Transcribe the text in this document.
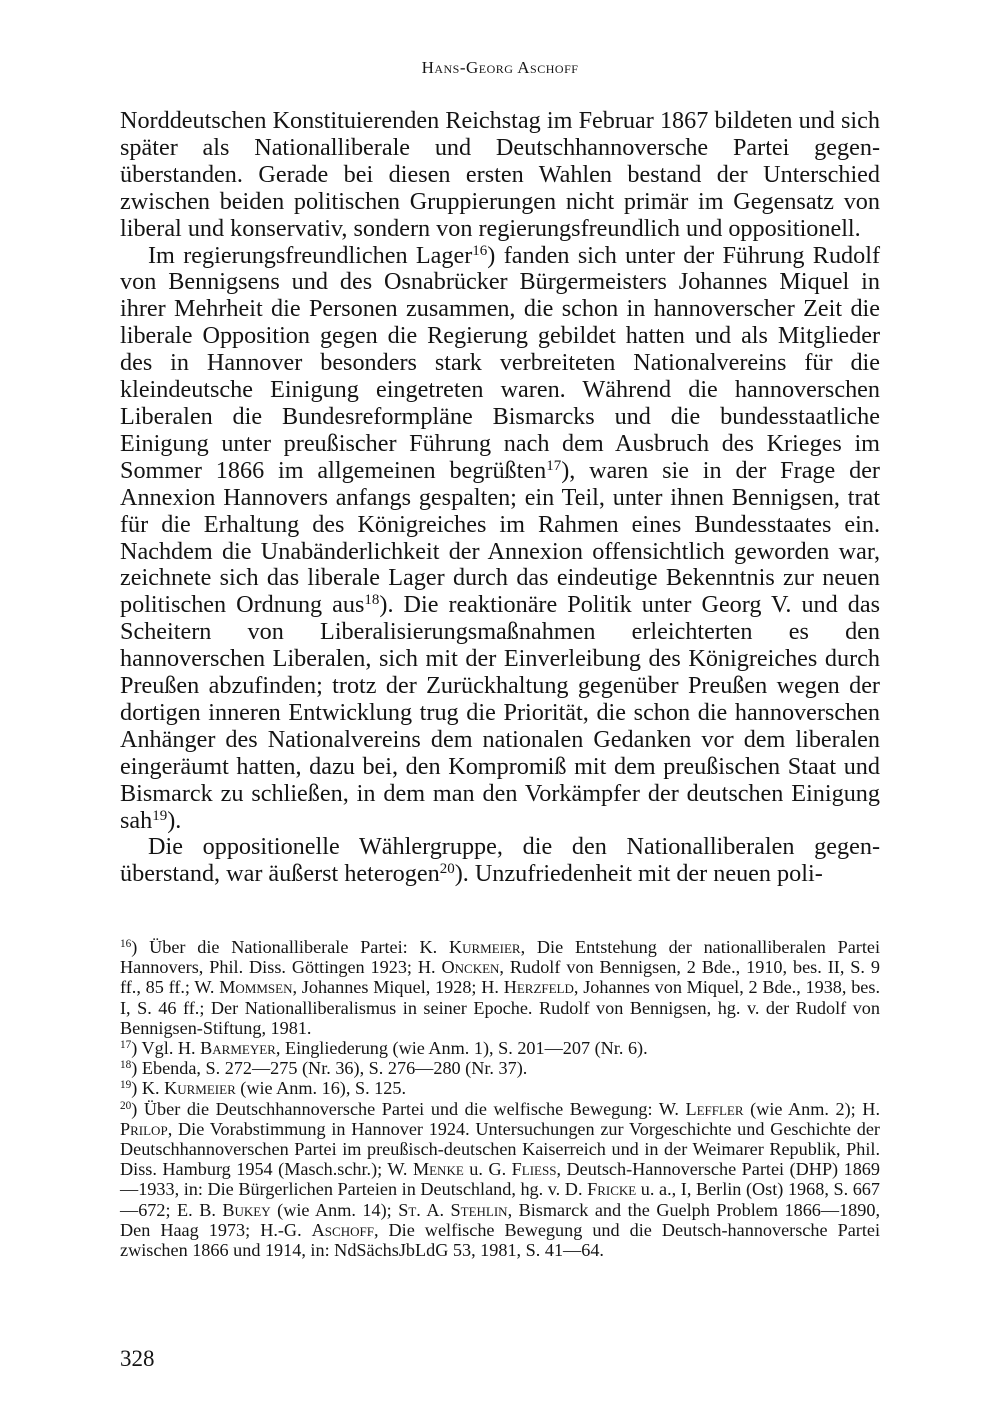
Hans-Georg Aschoff

Norddeutschen Konstituierenden Reichstag im Februar 1867 bildeten und sich später als Nationalliberale und Deutschhannoversche Partei gegenüberstanden. Gerade bei diesen ersten Wahlen bestand der Unterschied zwischen beiden politischen Gruppierungen nicht primär im Gegensatz von liberal und konservativ, sondern von regierungsfreundlich und oppositionell.

Im regierungsfreundlichen Lager$^{16}$) fanden sich unter der Führung Rudolf von Bennigsens und des Osnabrücker Bürgermeisters Johannes Miquel in ihrer Mehrheit die Personen zusammen, die schon in hannoverscher Zeit die liberale Opposition gegen die Regierung gebildet hatten und als Mitglieder des in Hannover besonders stark verbreiteten Nationalvereins für die kleindeutsche Einigung eingetreten waren. Während die hannoverschen Liberalen die Bundesreformpläne Bismarcks und die bundesstaatliche Einigung unter preußischer Führung nach dem Ausbruch des Krieges im Sommer 1866 im allgemeinen begrüßten$^{17}$), waren sie in der Frage der Annexion Hannovers anfangs gespalten; ein Teil, unter ihnen Bennigsen, trat für die Erhaltung des Königreiches im Rahmen eines Bundesstaates ein. Nachdem die Unabänderlichkeit der Annexion offensichtlich geworden war, zeichnete sich das liberale Lager durch das eindeutige Bekenntnis zur neuen politischen Ordnung aus$^{18}$). Die reaktionäre Politik unter Georg V. und das Scheitern von Liberalisierungsmaßnahmen erleichterten es den hannoverschen Liberalen, sich mit der Einverleibung des Königreiches durch Preußen abzufinden; trotz der Zurückhaltung gegenüber Preußen wegen der dortigen inneren Entwicklung trug die Priorität, die schon die hannoverschen Anhänger des Nationalvereins dem nationalen Gedanken vor dem liberalen eingeräumt hatten, dazu bei, den Kompromiß mit dem preußischen Staat und Bismarck zu schließen, in dem man den Vorkämpfer der deutschen Einigung sah$^{19}$).

Die oppositionelle Wählergruppe, die den Nationalliberalen gegenüberstand, war äußerst heterogen$^{20}$). Unzufriedenheit mit der neuen poli-

$^{16}$) Über die Nationalliberale Partei: K. Kurmeier, Die Entstehung der nationalliberalen Partei Hannovers, Phil. Diss. Göttingen 1923; H. Oncken, Rudolf von Bennigsen, 2 Bde., 1910, bes. II, S. 9 ff., 85 ff.; W. Mommsen, Johannes Miquel, 1928; H. Herzfeld, Johannes von Miquel, 2 Bde., 1938, bes. I, S. 46 ff.; Der Nationalliberalismus in seiner Epoche. Rudolf von Bennigsen, hg. v. der Rudolf von Bennigsen-Stiftung, 1981.

$^{17}$) Vgl. H. Barmeyer, Eingliederung (wie Anm. 1), S. 201—207 (Nr. 6).

$^{18}$) Ebenda, S. 272—275 (Nr. 36), S. 276—280 (Nr. 37).

$^{19}$) K. Kurmeier (wie Anm. 16), S. 125.

$^{20}$) Über die Deutschhannoversche Partei und die welfische Bewegung: W. Leffler (wie Anm. 2); H. Prilop, Die Vorabstimmung in Hannover 1924. Untersuchungen zur Vorgeschichte und Geschichte der Deutschhannoverschen Partei im preußisch-deutschen Kaiserreich und in der Weimarer Republik, Phil. Diss. Hamburg 1954 (Masch.schr.); W. Menke u. G. Fliess, Deutsch-Hannoversche Partei (DHP) 1869—1933, in: Die Bürgerlichen Parteien in Deutschland, hg. v. D. Fricke u. a., I, Berlin (Ost) 1968, S. 667—672; E. B. Bukey (wie Anm. 14); St. A. Stehlin, Bismarck and the Guelph Problem 1866—1890, Den Haag 1973; H.-G. Aschoff, Die welfische Bewegung und die Deutsch-hannoversche Partei zwischen 1866 und 1914, in: NdSächsJbLdG 53, 1981, S. 41—64.

328
